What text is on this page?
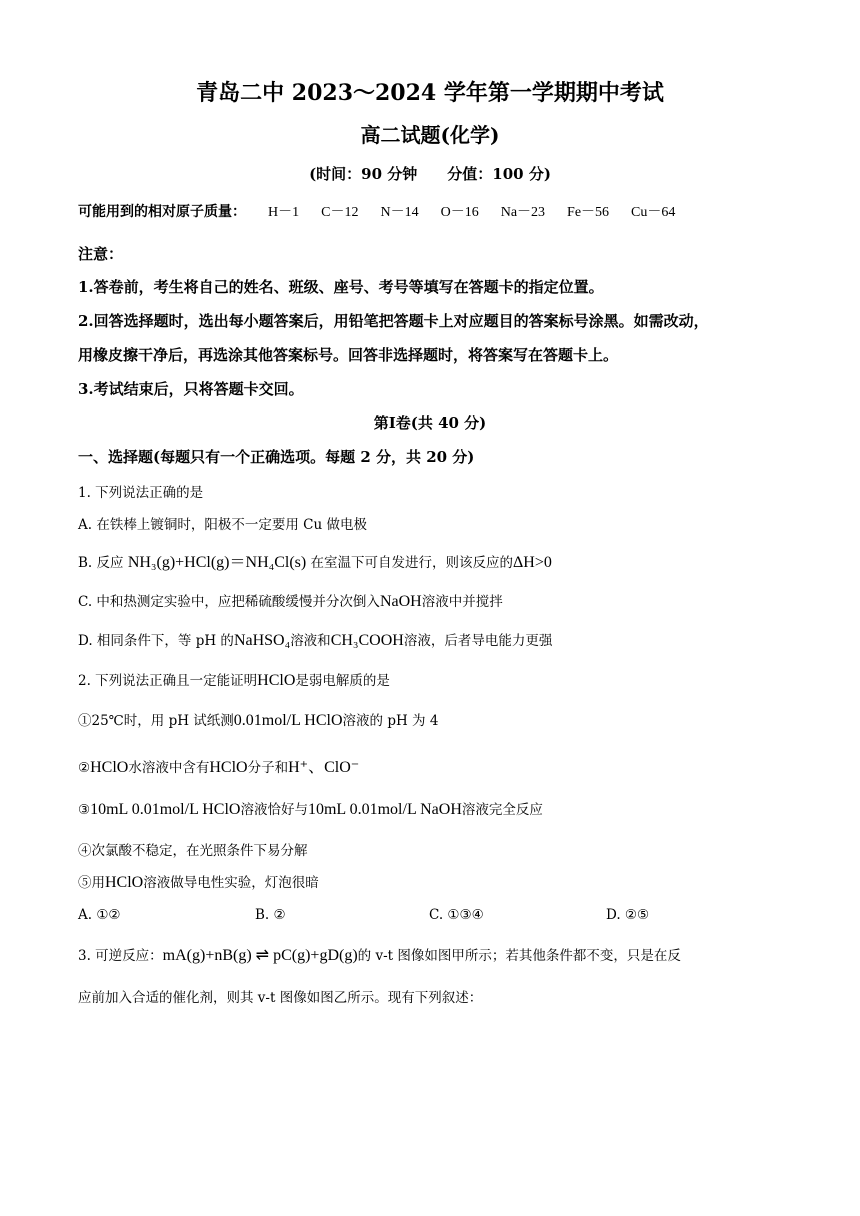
青岛二中 2023～2024 学年第一学期期中考试
高二试题(化学)
(时间：90 分钟 分值：100 分)
可能用到的相对原子质量： H－1 C－12 N－14 O－16 Na－23 Fe－56 Cu－64
注意：
1.答卷前，考生将自己的姓名、班级、座号、考号等填写在答题卡的指定位置。
2.回答选择题时，选出每小题答案后，用铅笔把答题卡上对应题目的答案标号涂黑。如需改动，
用橡皮擦干净后，再选涂其他答案标号。回答非选择题时，将答案写在答题卡上。
3.考试结束后，只将答题卡交回。
第Ⅰ卷(共 40 分)
一、选择题(每题只有一个正确选项。每题 2 分，共 20 分)
1. 下列说法正确的是
A. 在铁棒上镀铜时，阳极不一定要用 Cu 做电极
B. 反应 NH₃(g)+HCl(g)＝NH₄Cl(s) 在室温下可自发进行，则该反应的ΔH>0
C. 中和热测定实验中，应把稀硫酸缓慢并分次倒入NaOH溶液中并搅拌
D. 相同条件下，等 pH 的NaHSO₄溶液和CH₃COOH溶液，后者导电能力更强
2. 下列说法正确且一定能证明HClO是弱电解质的是
①25℃时，用 pH 试纸测0.01mol/L HClO溶液的 pH 为 4
②HClO水溶液中含有HClO分子和H⁺、ClO⁻
③10mL 0.01mol/L HClO溶液恰好与10mL 0.01mol/L NaOH溶液完全反应
④次氯酸不稳定，在光照条件下易分解
⑤用HClO溶液做导电性实验，灯泡很暗
A. ①②	B. ②	C. ①③④	D. ②⑤
3. 可逆反应：mA(g)+nB(g) ⇌ pC(g)+gD(g)的 v-t 图像如图甲所示；若其他条件都不变，只是在反
应前加入合适的催化剂，则其 v-t 图像如图乙所示。现有下列叙述：
